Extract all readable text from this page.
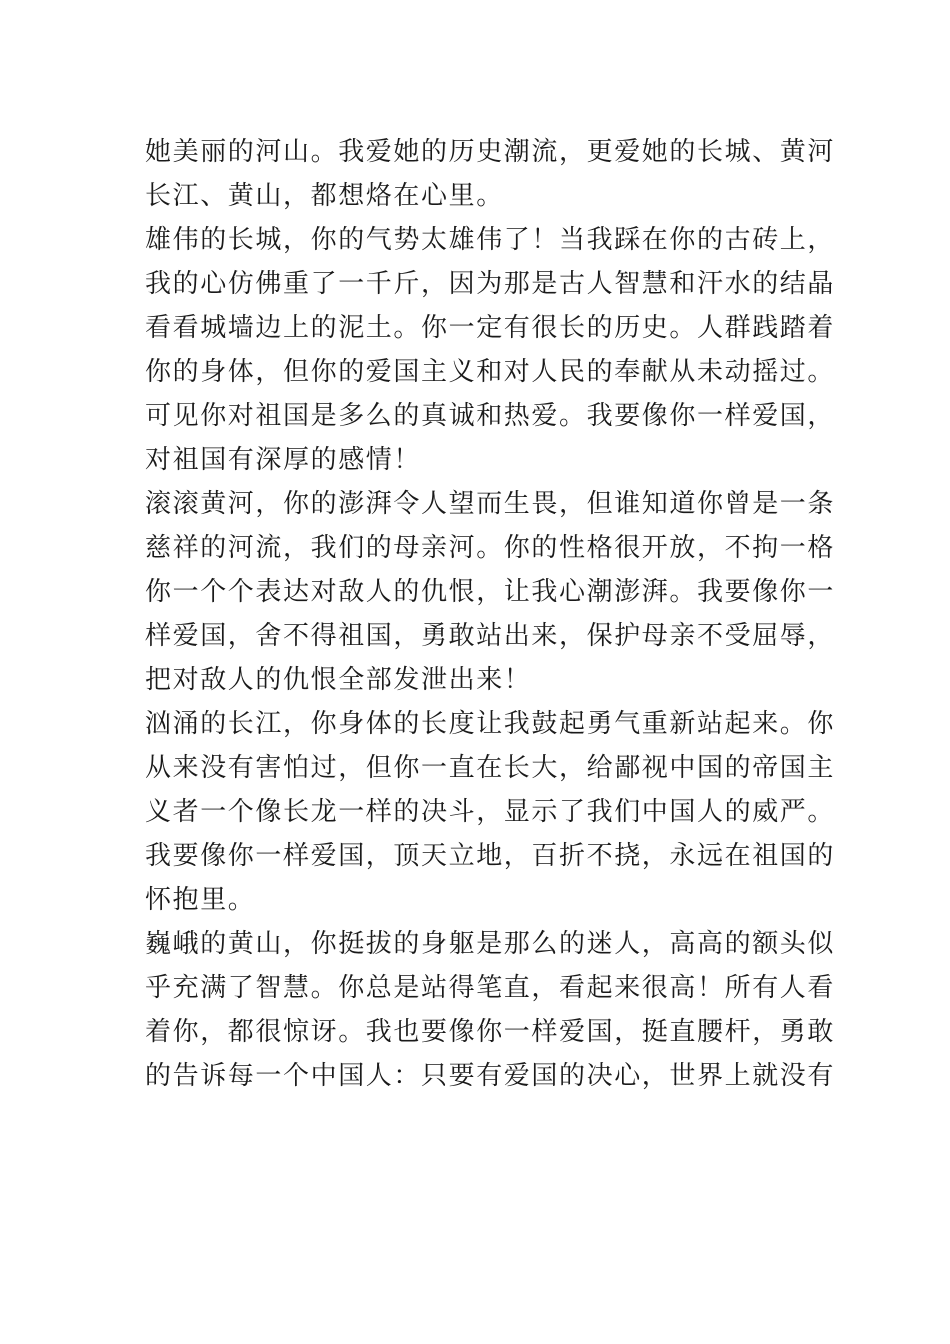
她美丽的河山。我爱她的历史潮流，更爱她的长城、黄河
长江、黄山，都想烙在心里。
雄伟的长城，你的气势太雄伟了！当我踩在你的古砖上，
我的心仿佛重了一千斤，因为那是古人智慧和汗水的结晶
看看城墙边上的泥土。你一定有很长的历史。人群践踏着
你的身体，但你的爱国主义和对人民的奉献从未动摇过。
可见你对祖国是多么的真诚和热爱。我要像你一样爱国，
对祖国有深厚的感情！
滚滚黄河，你的澎湃令人望而生畏，但谁知道你曾是一条
慈祥的河流，我们的母亲河。你的性格很开放，不拘一格
你一个个表达对敌人的仇恨，让我心潮澎湃。我要像你一
样爱国，舍不得祖国，勇敢站出来，保护母亲不受屈辱，
把对敌人的仇恨全部发泄出来！
汹涌的长江，你身体的长度让我鼓起勇气重新站起来。你
从来没有害怕过，但你一直在长大，给鄙视中国的帝国主
义者一个像长龙一样的决斗，显示了我们中国人的威严。
我要像你一样爱国，顶天立地，百折不挠，永远在祖国的
怀抱里。
巍峨的黄山，你挺拔的身躯是那么的迷人，高高的额头似
乎充满了智慧。你总是站得笔直，看起来很高！所有人看
着你，都很惊讶。我也要像你一样爱国，挺直腰杆，勇敢
的告诉每一个中国人：只要有爱国的决心，世界上就没有
